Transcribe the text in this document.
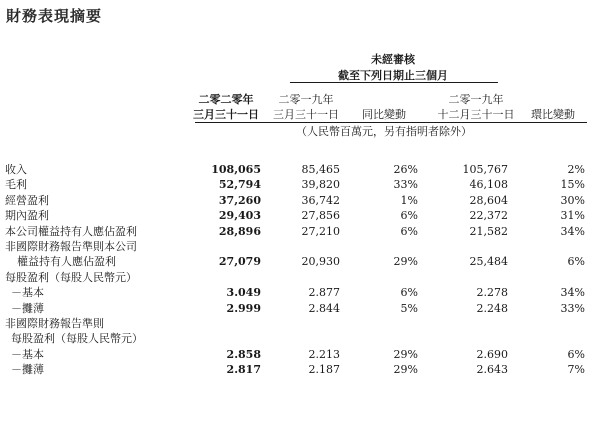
財務表現摘要
未經審核
截至下列日期止三個月
二零二零年
三月三十一日
二零一九年
三月三十一日 同比變動
二零一九年
十二月三十一日 環比變動
（人民幣百萬元，另有指明者除外）
收入	108,065	85,465	26%	105,767	2%
毛利	52,794	39,820	33%	46,108	15%
經營盈利	37,260	36,742	1%	28,604	30%
期內盈利	29,403	27,856	6%	22,372	31%
本公司權益持有人應佔盈利	28,896	27,210	6%	21,582	34%
非國際財務報告準則本公司					
權益持有人應佔盈利	27,079	20,930	29%	25,484	6%
每股盈利（每股人民幣元）					
－基本	3.049	2.877	6%	2.278	34%
－攤薄	2.999	2.844	5%	2.248	33%
非國際財務報告準則					
每股盈利（每股人民幣元）					
－基本	2.858	2.213	29%	2.690	6%
－攤薄	2.817	2.187	29%	2.643	7%
